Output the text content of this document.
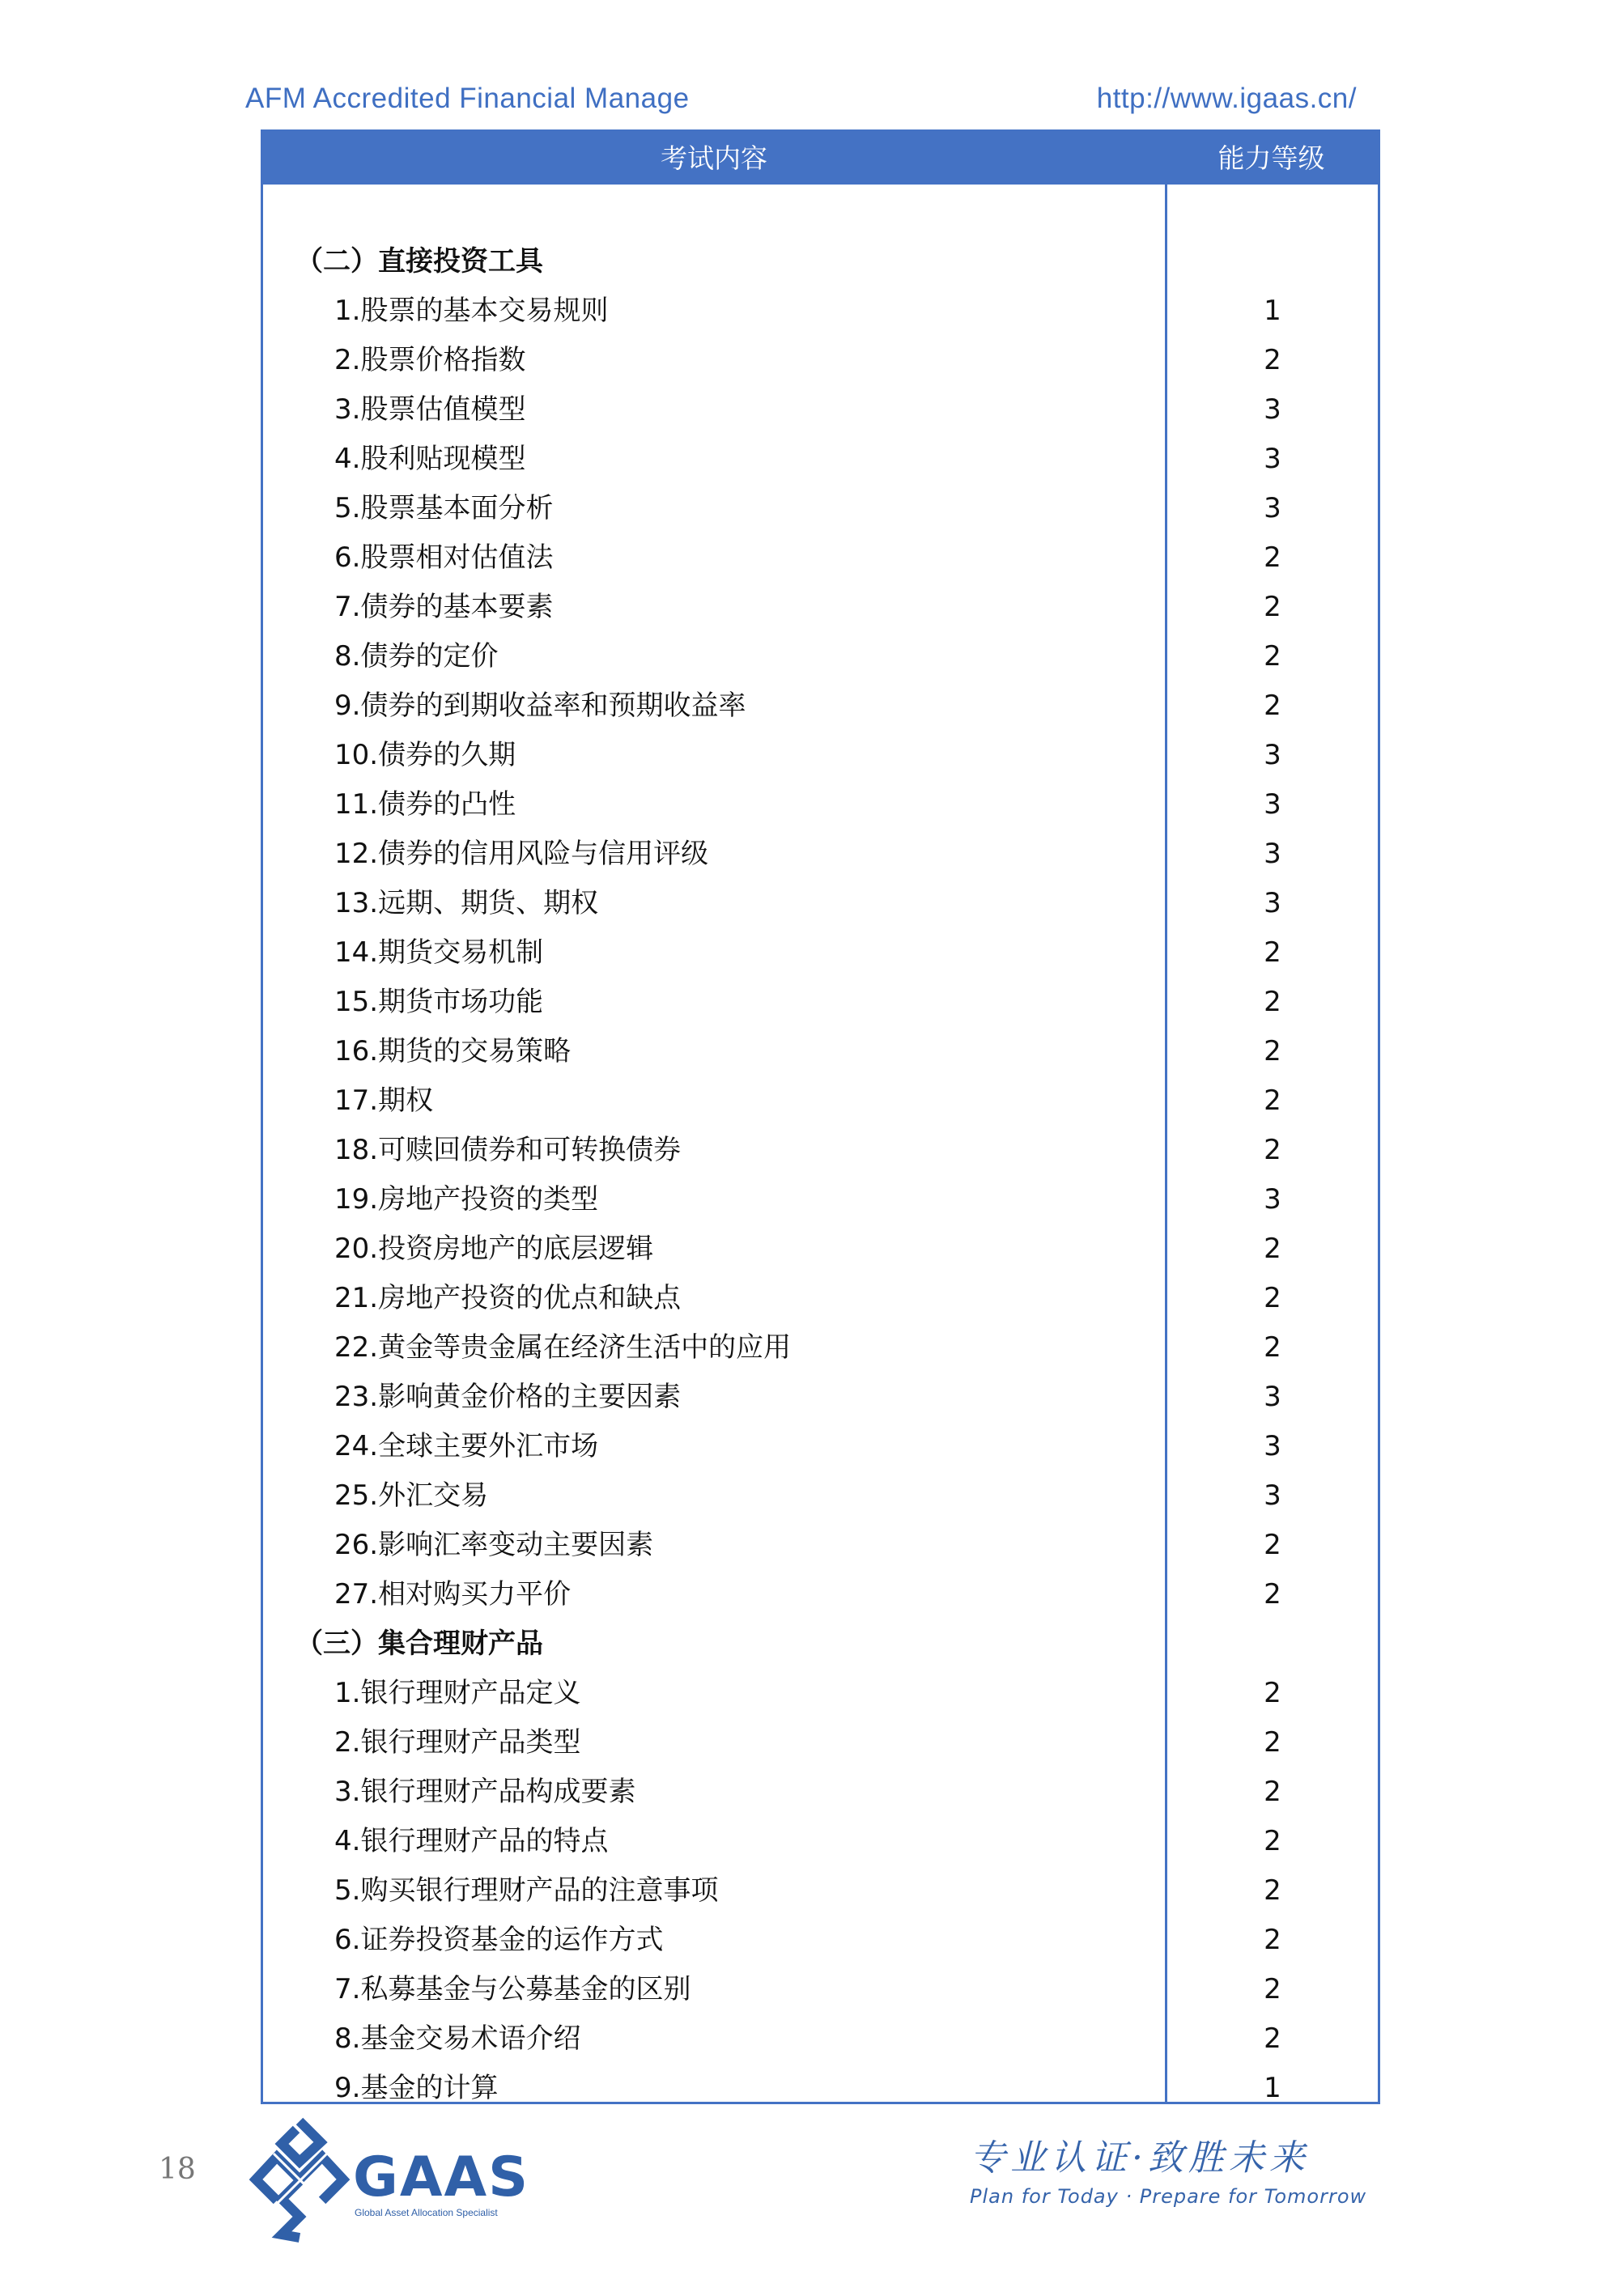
AFM Accredited Financial Manage	http://www.igaas.cn/
考试内容	能力等级
（二）直接投资工具
1.股票的基本交易规则	1
2.股票价格指数	2
3.股票估值模型	3
4.股利贴现模型	3
5.股票基本面分析	3
6.股票相对估值法	2
7.债券的基本要素	2
8.债券的定价	2
9.债券的到期收益率和预期收益率	2
10.债券的久期	3
11.债券的凸性	3
12.债券的信用风险与信用评级	3
13.远期、期货、期权	3
14.期货交易机制	2
15.期货市场功能	2
16.期货的交易策略	2
17.期权	2
18.可赎回债券和可转换债券	2
19.房地产投资的类型	3
20.投资房地产的底层逻辑	2
21.房地产投资的优点和缺点	2
22.黄金等贵金属在经济生活中的应用	2
23.影响黄金价格的主要因素	3
24.全球主要外汇市场	3
25.外汇交易	3
26.影响汇率变动主要因素	2
27.相对购买力平价	2
（三）集合理财产品
1.银行理财产品定义	2
2.银行理财产品类型	2
3.银行理财产品构成要素	2
4.银行理财产品的特点	2
5.购买银行理财产品的注意事项	2
6.证券投资基金的运作方式	2
7.私募基金与公募基金的区别	2
8.基金交易术语介绍	2
9.基金的计算	1
18	GAAS
Global Asset Allocation Specialist
专业认证·致胜未来
Plan for Today · Prepare for Tomorrow
